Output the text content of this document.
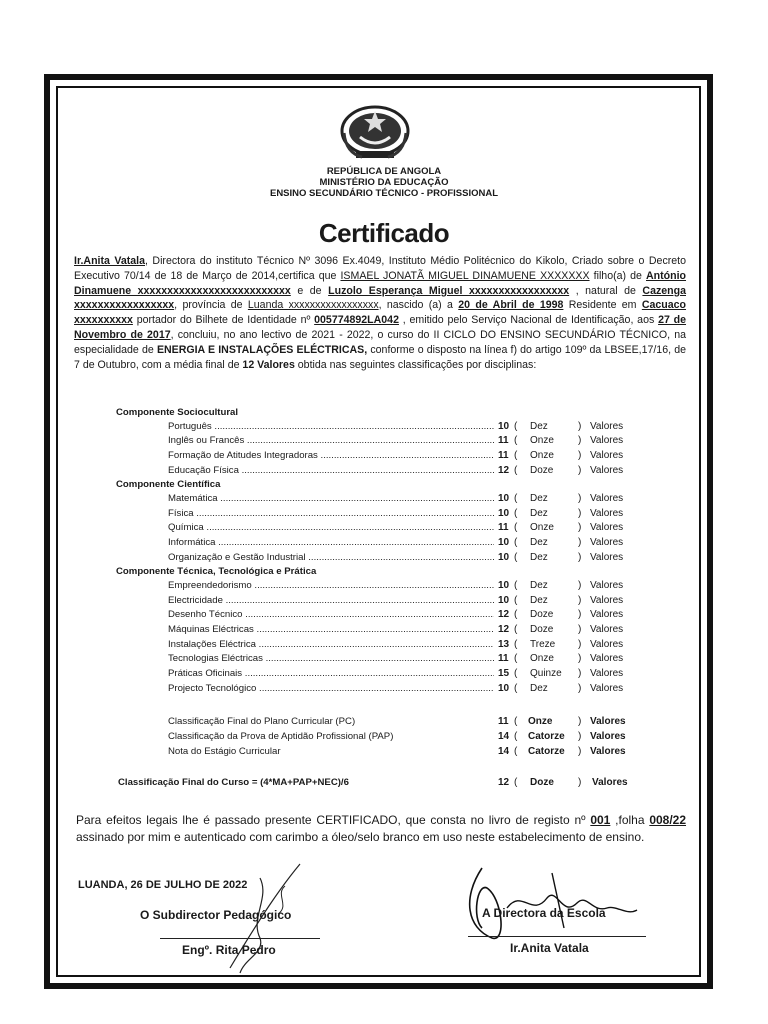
REPÚBLICA DE ANGOLA
MINISTÉRIO DA EDUCAÇÃO
ENSINO SECUNDÁRIO TÉCNICO - PROFISSIONAL
Certificado
Ir.Anita Vatala, Directora do instituto Técnico Nº 3096 Ex.4049, Instituto Médio Politécnico do Kikolo, Criado sobre o Decreto Executivo 70/14 de 18 de Março de 2014,certifica que ISMAEL JONATÃ MIGUEL DINAMUENE XXXXXXX filho(a) de António Dinamuene xxxxxxxxxxxxxxxxxxxxxxxxxx e de Luzolo Esperança Miguel xxxxxxxxxxxxxxxxx , natural de Cazenga xxxxxxxxxxxxxxxxx, província de Luanda xxxxxxxxxxxxxxxxx, nascido (a) a 20 de Abril de 1998 Residente em Cacuaco xxxxxxxxxx portador do Bilhete de Identidade nº 005774892LA042 , emitido pelo Serviço Nacional de Identificação, aos 27 de Novembro de 2017, concluiu, no ano lectivo de 2021 - 2022, o curso do II CICLO DO ENSINO SECUNDÁRIO TÉCNICO, na especialidade de ENERGIA E INSTALAÇÕES ELÉCTRICAS, conforme o disposto na línea f) do artigo 109º da LBSEE,17/16, de 7 de Outubro, com a média final de 12 Valores obtida nas seguintes classificações por disciplinas:
Componente Sociocultural
Português .....	10 ( Dez	) Valores
Inglês ou Francês .....	11 ( Onze ) Valores
Formação de Atitudes Integradoras .....	11 ( Onze ) Valores
Educação Física .....	12 ( Doze ) Valores
Componente Científica
Matemática .....	10 ( Dez	) Valores
Física .....	10 ( Dez	) Valores
Química .....	11 ( Onze ) Valores
Informática .....	10 ( Dez	) Valores
Organização e Gestão Industrial .....	10 ( Dez	) Valores
Componente Técnica, Tecnológica e Prática
Empreendedorismo .....	10 ( Dez	) Valores
Electricidade .....	10 ( Dez	) Valores
Desenho Técnico .....	12 ( Doze ) Valores
Máquinas Eléctricas .....	12 ( Doze ) Valores
Instalações Eléctrica .....	13 ( Treze ) Valores
Tecnologias Eléctricas .....	11 ( Onze ) Valores
Práticas Oficinais .....	15 ( Quinze ) Valores
Projecto Tecnológico .....	10 ( Dez	) Valores
Classificação Final do Plano Curricular (PC)	11 ( Onze	) Valores
Classificação da Prova de Aptidão Profissional (PAP)	14 ( Catorze ) Valores
Nota do Estágio Curricular	14 ( Catorze ) Valores
Classificação Final do Curso = (4*MA+PAP+NEC)/6	12 ( Doze ) Valores
Para efeitos legais lhe é passado presente CERTIFICADO, que consta no livro de registo nº 001 ,folha 008/22 assinado por mim e autenticado com carimbo a óleo/selo branco em uso neste estabelecimento de ensino.
LUANDA, 26 DE JULHO DE 2022
O Subdirector Pedagógico
Engº. Rita Pedro
A Directora da Escola
Ir.Anita Vatala
